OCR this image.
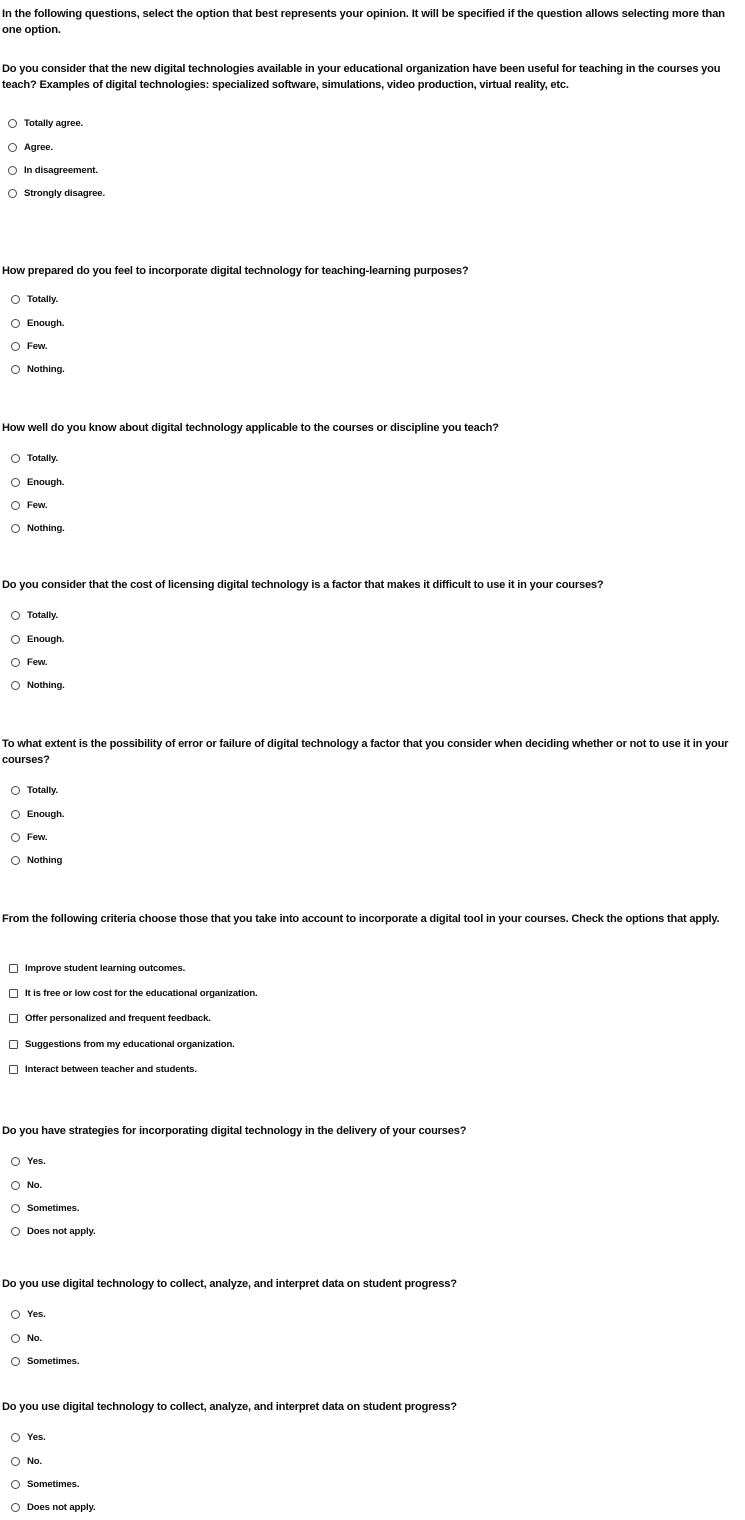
In the following questions, select the option that best represents your opinion. It will be specified if the question allows selecting more than one option.
Do you consider that the new digital technologies available in your educational organization have been useful for teaching in the courses you teach? Examples of digital technologies: specialized software, simulations, video production, virtual reality, etc.
Totally agree.
Agree.
In disagreement.
Strongly disagree.
How prepared do you feel to incorporate digital technology for teaching-learning purposes?
Totally.
Enough.
Few.
Nothing.
How well do you know about digital technology applicable to the courses or discipline you teach?
Totally.
Enough.
Few.
Nothing.
Do you consider that the cost of licensing digital technology is a factor that makes it difficult to use it in your courses?
Totally.
Enough.
Few.
Nothing.
To what extent is the possibility of error or failure of digital technology a factor that you consider when deciding whether or not to use it in your courses?
Totally.
Enough.
Few.
Nothing
From the following criteria choose those that you take into account to incorporate a digital tool in your courses. Check the options that apply.
Improve student learning outcomes.
It is free or low cost for the educational organization.
Offer personalized and frequent feedback.
Suggestions from my educational organization.
Interact between teacher and students.
Do you have strategies for incorporating digital technology in the delivery of your courses?
Yes.
No.
Sometimes.
Does not apply.
Do you use digital technology to collect, analyze, and interpret data on student progress?
Yes.
No.
Sometimes.
Do you use digital technology to collect, analyze, and interpret data on student progress?
Yes.
No.
Sometimes.
Does not apply.
